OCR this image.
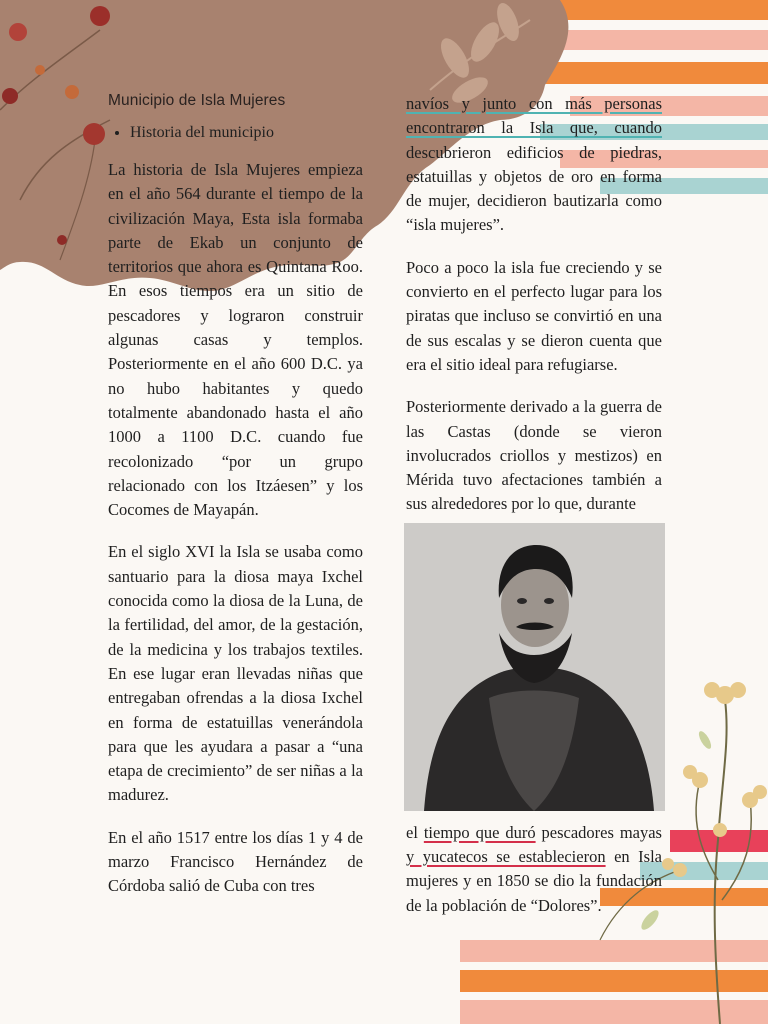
Municipio de Isla Mujeres
• Historia del municipio

La historia de Isla Mujeres empieza en el año 564 durante el tiempo de la civilización Maya, Esta isla formaba parte de Ekab un conjunto de territorios que ahora es Quintana Roo. En esos tiempos era un sitio de pescadores y lograron construir algunas casas y templos. Posteriormente en el año 600 D.C. ya no hubo habitantes y quedo totalmente abandonado hasta el año 1000 a 1100 D.C. cuando fue recolonizado “por un grupo relacionado con los Itzáesen” y los Cocomes de Mayapán.

En el siglo XVI la Isla se usaba como santuario para la diosa maya Ixchel conocida como la diosa de la Luna, de la fertilidad, del amor, de la gestación, de la medicina y los trabajos textiles. En ese lugar eran llevadas niñas que entregaban ofrendas a la diosa Ixchel en forma de estatuillas venerándola para que les ayudara a pasar a “una etapa de crecimiento” de ser niñas a la madurez.

En el año 1517 entre los días 1 y 4 de marzo Francisco Hernández de Córdoba salió de Cuba con tres

navíos y junto con más personas encontraron la Isla que, cuando descubrieron edificios de piedras, estatuillas y objetos de oro en forma de mujer, decidieron bautizarla como “isla mujeres”.

Poco a poco la isla fue creciendo y se convierto en el perfecto lugar para los piratas que incluso se convirtió en una de sus escalas y se dieron cuenta que era el sitio ideal para refugiarse.

Posteriormente derivado a la guerra de las Castas (donde se vieron involucrados criollos y mestizos) en Mérida tuvo afectaciones también a sus alrededores por lo que, durante

el tiempo que duró pescadores mayas y yucatecos se establecieron en Isla mujeres y en 1850 se dio la fundación de la población de “Dolores”.
